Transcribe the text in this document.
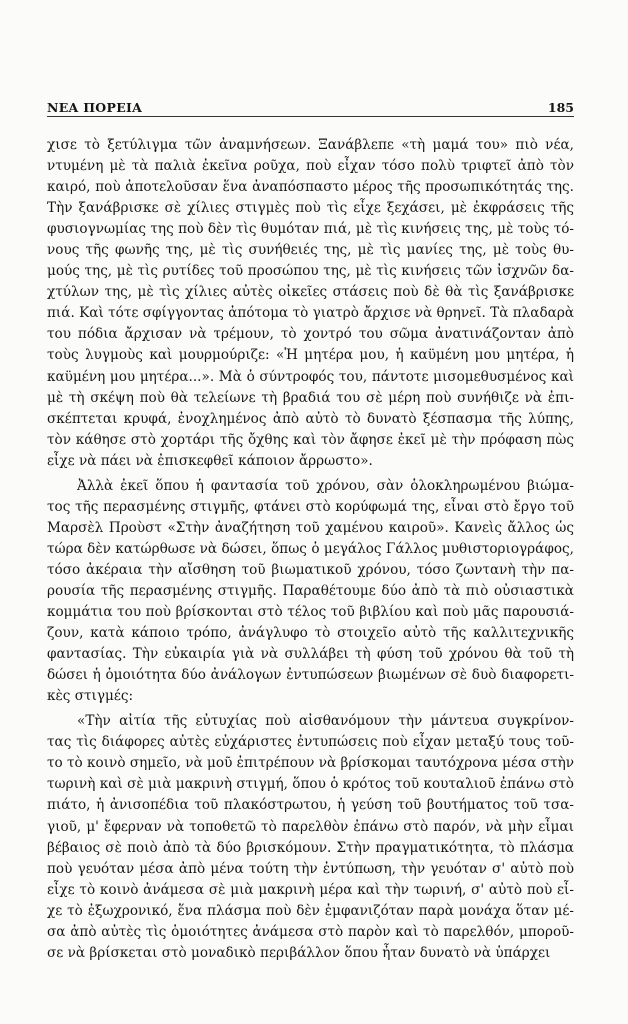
ΝΕΑ ΠΟΡΕΙΑ	185
χισε τὸ ξετύλιγμα τῶν ἀναμνήσεων. Ξανάβλεπε «τὴ μαμά του» πιὸ νέα,
ντυμένη μὲ τὰ παλιὰ ἐκεῖνα ροῦχα, ποὺ εἶχαν τόσο πολὺ τριφτεῖ ἀπὸ τὸν
καιρό, ποὺ ἀποτελοῦσαν ἕνα ἀναπόσπαστο μέρος τῆς προσωπικότητάς της.
Τὴν ξανάβρισκε σὲ χίλιες στιγμὲς ποὺ τὶς εἶχε ξεχάσει, μὲ ἐκφράσεις τῆς
φυσιογνωμίας της ποὺ δὲν τὶς θυμόταν πιά, μὲ τὶς κινήσεις της, μὲ τοὺς τό-
νους τῆς φωνῆς της, μὲ τὶς συνήθειές της, μὲ τὶς μανίες της, μὲ τοὺς θυ-
μούς της, μὲ τὶς ρυτίδες τοῦ προσώπου της, μὲ τὶς κινήσεις τῶν ἰσχνῶν δα-
χτύλων της, μὲ τὶς χίλιες αὐτὲς οἰκεῖες στάσεις ποὺ δὲ θὰ τὶς ξανάβρισκε
πιά. Καὶ τότε σφίγγοντας ἀπότομα τὸ γιατρὸ ἄρχισε νὰ θρηνεῖ. Τὰ πλαδαρὰ
του πόδια ἄρχισαν νὰ τρέμουν, τὸ χοντρό του σῶμα ἀνατινάζονταν ἀπὸ
τοὺς λυγμοὺς καὶ μουρμούριζε: «Ἡ μητέρα μου, ἡ καϋμένη μου μητέρα, ἡ
καϋμένη μου μητέρα...». Μὰ ὁ σύντροφός του, πάντοτε μισομεθυσμένος καὶ
μὲ τὴ σκέψη ποὺ θὰ τελείωνε τὴ βραδιά του σὲ μέρη ποὺ συνήθιζε νὰ ἐπι-
σκέπτεται κρυφά, ἐνοχλημένος ἀπὸ αὐτὸ τὸ δυνατὸ ξέσπασμα τῆς λύπης,
τὸν κάθησε στὸ χορτάρι τῆς ὄχθης καὶ τὸν ἄφησε ἐκεῖ μὲ τὴν πρόφαση πὼς
εἶχε νὰ πάει νὰ ἐπισκεφθεῖ κάποιον ἄρρωστο».
Ἀλλὰ ἐκεῖ ὅπου ἡ φαντασία τοῦ χρόνου, σὰν ὁλοκληρωμένου βιώμα-
τος τῆς περασμένης στιγμῆς, φτάνει στὸ κορύφωμά της, εἶναι στὸ ἔργο τοῦ
Μαρσὲλ Προὺστ «Στὴν ἀναζήτηση τοῦ χαμένου καιροῦ». Κανεὶς ἄλλος ὡς
τώρα δὲν κατώρθωσε νὰ δώσει, ὅπως ὁ μεγάλος Γάλλος μυθιστοριογράφος,
τόσο ἀκέραια τὴν αἴσθηση τοῦ βιωματικοῦ χρόνου, τόσο ζωντανὴ τὴν πα-
ρουσία τῆς περασμένης στιγμῆς. Παραθέτουμε δύο ἀπὸ τὰ πιὸ οὐσιαστικὰ
κομμάτια του ποὺ βρίσκονται στὸ τέλος τοῦ βιβλίου καὶ ποὺ μᾶς παρουσιά-
ζουν, κατὰ κάποιο τρόπο, ἀνάγλυφο τὸ στοιχεῖο αὐτὸ τῆς καλλιτεχνικῆς
φαντασίας. Τὴν εὐκαιρία γιὰ νὰ συλλάβει τὴ φύση τοῦ χρόνου θὰ τοῦ τὴ
δώσει ἡ ὁμοιότητα δύο ἀνάλογων ἐντυπώσεων βιωμένων σὲ δυὸ διαφορετι-
κὲς στιγμές:
«Τὴν αἰτία τῆς εὐτυχίας ποὺ αἰσθανόμουν τὴν μάντευα συγκρίνον-
τας τὶς διάφορες αὐτὲς εὐχάριστες ἐντυπώσεις ποὺ εἶχαν μεταξύ τους τοῦ-
το τὸ κοινὸ σημεῖο, νὰ μοῦ ἐπιτρέπουν νὰ βρίσκομαι ταυτόχρονα μέσα στὴν
τωρινὴ καὶ σὲ μιὰ μακρινὴ στιγμή, ὅπου ὁ κρότος τοῦ κουταλιοῦ ἐπάνω στὸ
πιάτο, ἡ ἀνισοπέδια τοῦ πλακόστρωτου, ἡ γεύση τοῦ βουτήματος τοῦ τσα-
γιοῦ, μ' ἔφερναν νὰ τοποθετῶ τὸ παρελθὸν ἐπάνω στὸ παρόν, νὰ μὴν εἶμαι
βέβαιος σὲ ποιὸ ἀπὸ τὰ δύο βρισκόμουν. Στὴν πραγματικότητα, τὸ πλάσμα
ποὺ γευόταν μέσα ἀπὸ μένα τούτη τὴν ἐντύπωση, τὴν γευόταν σ' αὐτὸ ποὺ
εἶχε τὸ κοινὸ ἀνάμεσα σὲ μιὰ μακρινὴ μέρα καὶ τὴν τωρινή, σ' αὐτὸ ποὺ εἶ-
χε τὸ ἐξωχρονικό, ἕνα πλάσμα ποὺ δὲν ἐμφανιζόταν παρὰ μονάχα ὅταν μέ-
σα ἀπὸ αὐτὲς τὶς ὁμοιότητες ἀνάμεσα στὸ παρὸν καὶ τὸ παρελθόν, μποροῦ-
σε νὰ βρίσκεται στὸ μοναδικὸ περιβάλλον ὅπου ἦταν δυνατὸ νὰ ὑπάρχει
